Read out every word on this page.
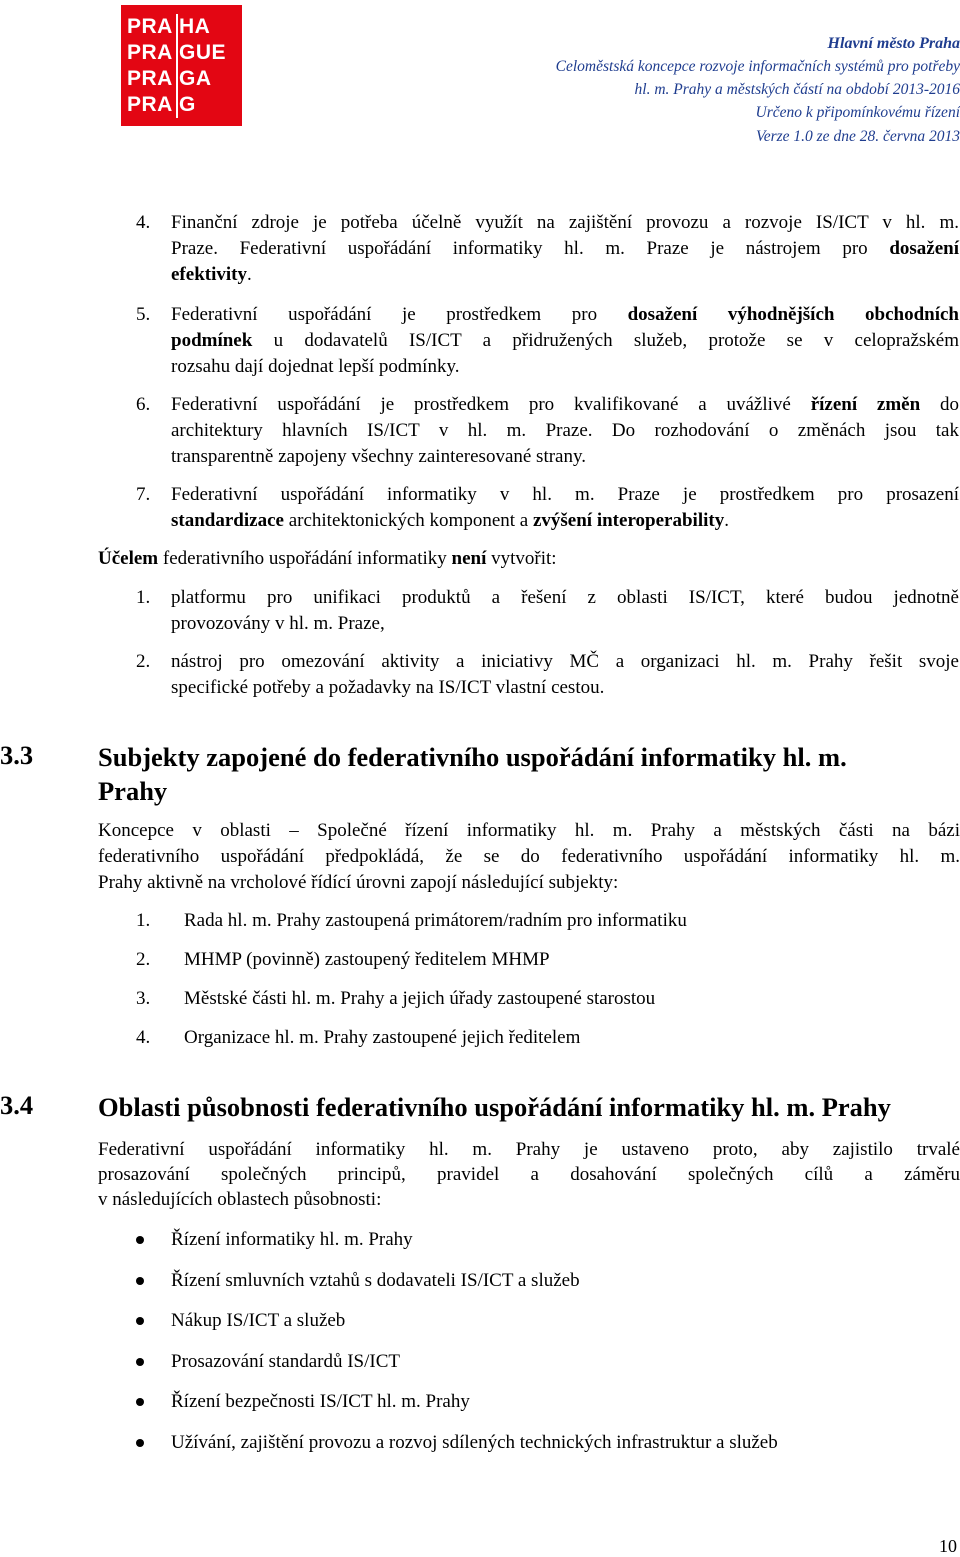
PRA HA
PRA GUE
PRA GA
PRA G
Hlavní město Praha
Celoměstská koncepce rozvoje informačních systémů pro potřeby
hl. m. Prahy a městských částí na období 2013-2016
Určeno k připomínkovému řízení
Verze 1.0 ze dne 28. června 2013
4. Finanční zdroje je potřeba účelně využít na zajištění provozu a rozvoje IS/ICT v hl. m.
Praze. Federativní uspořádání informatiky hl. m. Praze je nástrojem pro dosažení
efektivity.
5. Federativní uspořádání je prostředkem pro dosažení výhodnějších obchodních
podmínek u dodavatelů IS/ICT a přidružených služeb, protože se v celopražském
rozsahu dají dojednat lepší podmínky.
6. Federativní uspořádání je prostředkem pro kvalifikované a uvážlivé řízení změn do
architektury hlavních IS/ICT v hl. m. Praze. Do rozhodování o změnách jsou tak
transparentně zapojeny všechny zainteresované strany.
7. Federativní uspořádání informatiky v hl. m. Praze je prostředkem pro prosazení
standardizace architektonických komponent a zvýšení interoperability.
Účelem federativního uspořádání informatiky není vytvořit:
1. platformu pro unifikaci produktů a řešení z oblasti IS/ICT, které budou jednotně
provozovány v hl. m. Praze,
2. nástroj pro omezování aktivity a iniciativy MČ a organizaci hl. m. Prahy řešit svoje
specifické potřeby a požadavky na IS/ICT vlastní cestou.
3.3 Subjekty zapojené do federativního uspořádání informatiky hl. m.
Prahy
Koncepce v oblasti – Společné řízení informatiky hl. m. Prahy a městských části na bázi
federativního uspořádání předpokládá, že se do federativního uspořádání informatiky hl. m.
Prahy aktivně na vrcholové řídící úrovni zapojí následující subjekty:
1. Rada hl. m. Prahy zastoupená primátorem/radním pro informatiku
2. MHMP (povinně) zastoupený ředitelem MHMP
3. Městské části hl. m. Prahy a jejich úřady zastoupené starostou
4. Organizace hl. m. Prahy zastoupené jejich ředitelem
3.4 Oblasti působnosti federativního uspořádání informatiky hl. m. Prahy
Federativní uspořádání informatiky hl. m. Prahy je ustaveno proto, aby zajistilo trvalé
prosazování společných principů, pravidel a dosahování společných cílů a záměru
v následujících oblastech působnosti:
Řízení informatiky hl. m. Prahy
Řízení smluvních vztahů s dodavateli IS/ICT a služeb
Nákup IS/ICT a služeb
Prosazování standardů IS/ICT
Řízení bezpečnosti IS/ICT hl. m. Prahy
Užívání, zajištění provozu a rozvoj sdílených technických infrastruktur a služeb
10
